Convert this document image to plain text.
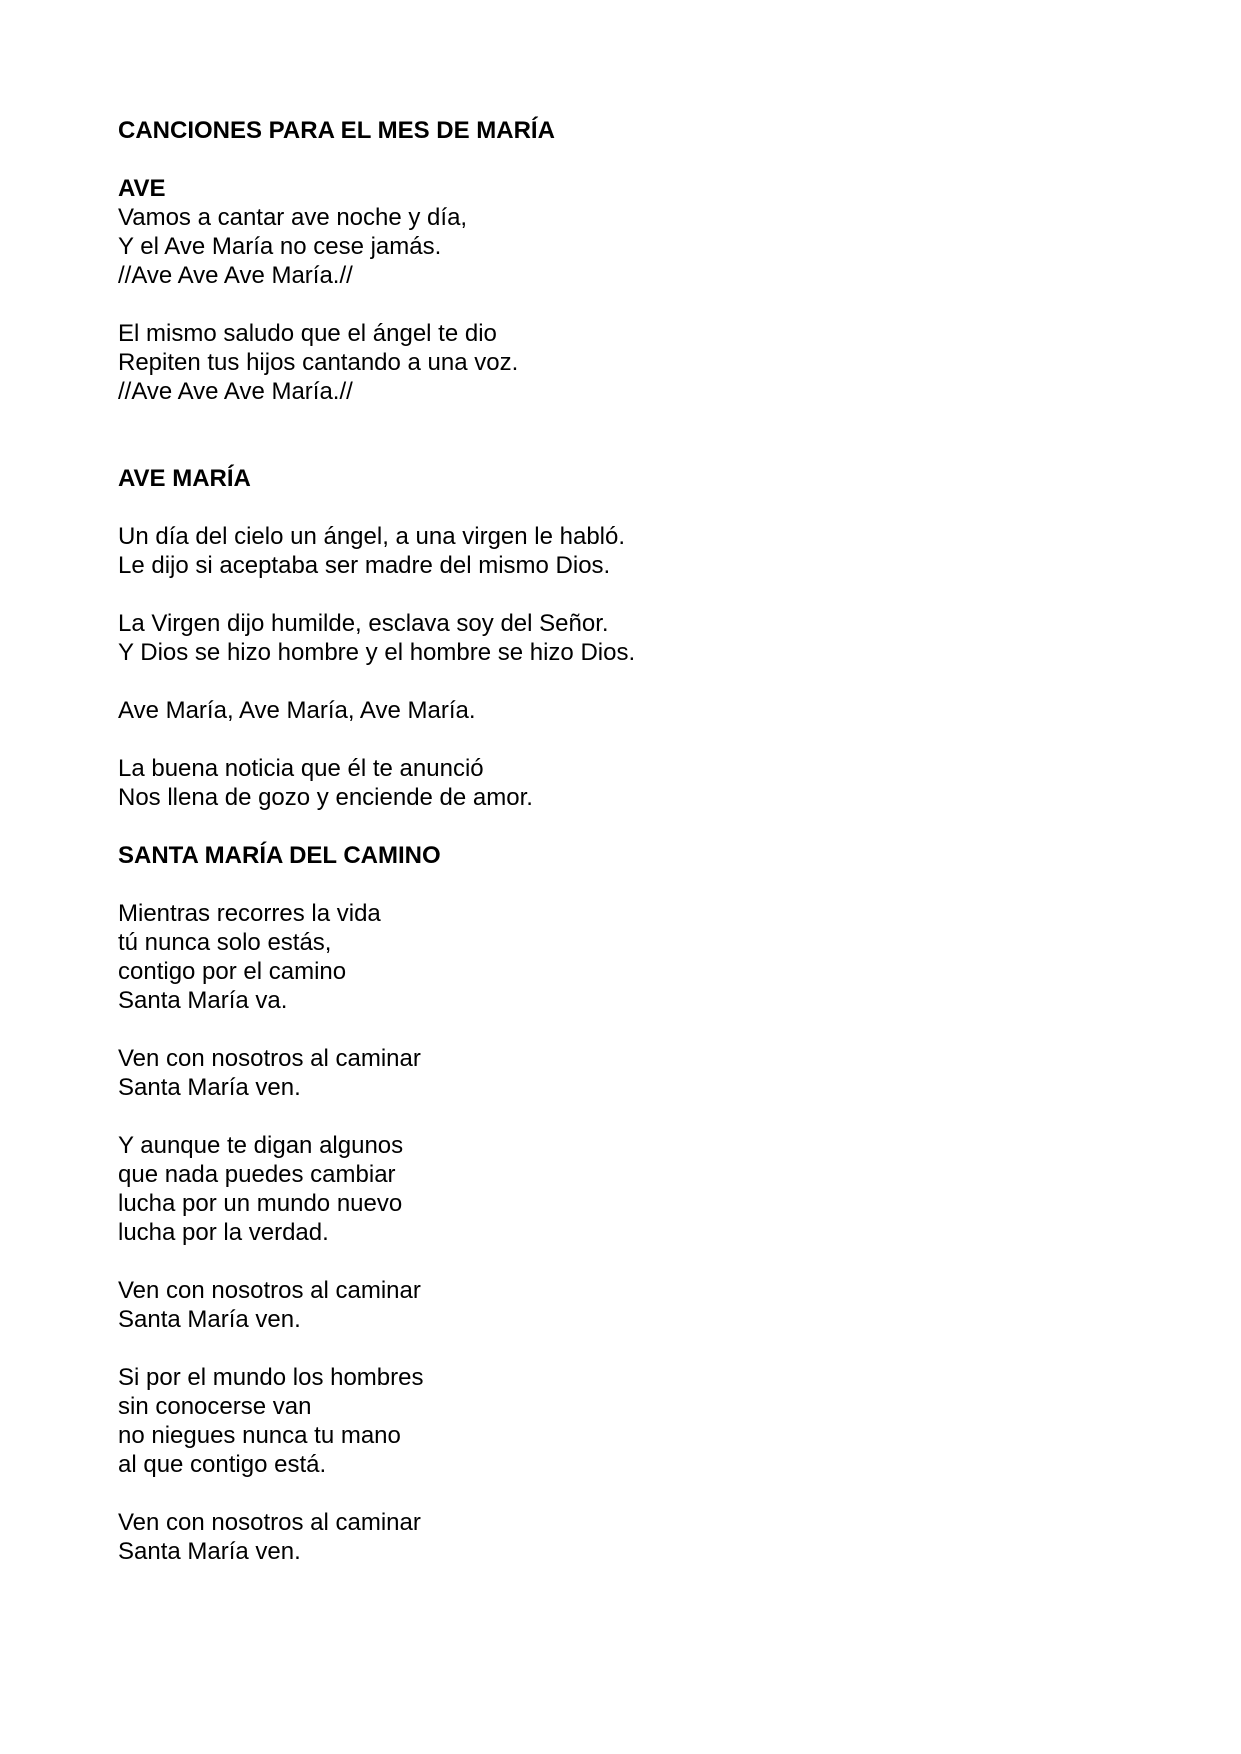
CANCIONES PARA EL MES DE MARÍA

AVE

Vamos a cantar ave noche y día,

Y el Ave María no cese jamás.

//Ave Ave Ave María.//

El mismo saludo que el ángel te dio

Repiten tus hijos cantando a una voz.

//Ave Ave Ave María.//

AVE MARÍA

Un día del cielo un ángel, a una virgen le habló.

Le dijo si aceptaba ser madre del mismo Dios.

La Virgen dijo humilde, esclava soy del Señor.

Y Dios se hizo hombre y el hombre se hizo Dios.

Ave María, Ave María, Ave María.

La buena noticia que él te anunció

Nos llena de gozo y enciende de amor.

SANTA MARÍA DEL CAMINO

Mientras recorres la vida

tú nunca solo estás,

contigo por el camino

Santa María va.

Ven con nosotros al caminar

Santa María ven.

Y aunque te digan algunos

que nada puedes cambiar

lucha por un mundo nuevo

lucha por la verdad.

Ven con nosotros al caminar

Santa María ven.

Si por el mundo los hombres

sin conocerse van

no niegues nunca tu mano

al que contigo está.

Ven con nosotros al caminar

Santa María ven.
